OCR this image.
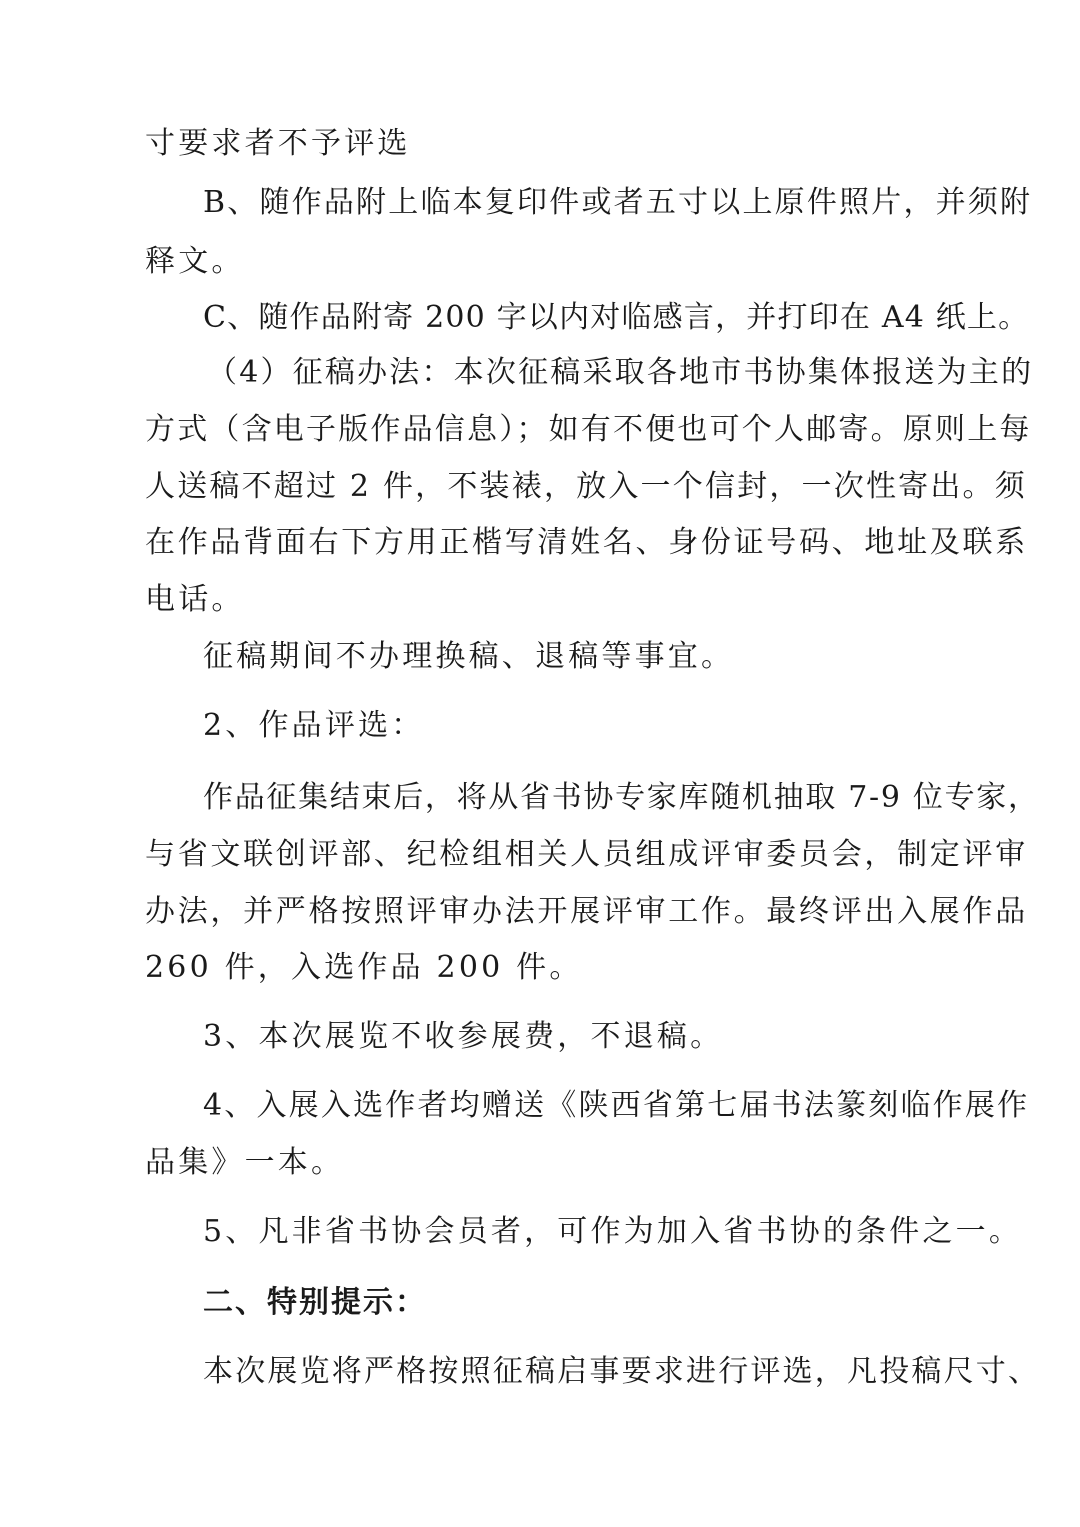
寸要求者不予评选
B、随作品附上临本复印件或者五寸以上原件照片，并须附
释文。
C、随作品附寄 200 字以内对临感言，并打印在 A4 纸上。
（4）征稿办法：本次征稿采取各地市书协集体报送为主的
方式（含电子版作品信息）；如有不便也可个人邮寄。原则上每
人送稿不超过 2 件，不装裱，放入一个信封，一次性寄出。须
在作品背面右下方用正楷写清姓名、身份证号码、地址及联系
电话。
征稿期间不办理换稿、退稿等事宜。
2、作品评选：
作品征集结束后，将从省书协专家库随机抽取 7-9 位专家，
与省文联创评部、纪检组相关人员组成评审委员会，制定评审
办法，并严格按照评审办法开展评审工作。最终评出入展作品
260 件，入选作品 200 件。
3、本次展览不收参展费，不退稿。
4、入展入选作者均赠送《陕西省第七届书法篆刻临作展作
品集》一本。
5、凡非省书协会员者，可作为加入省书协的条件之一。
二、特别提示：
本次展览将严格按照征稿启事要求进行评选，凡投稿尺寸、
